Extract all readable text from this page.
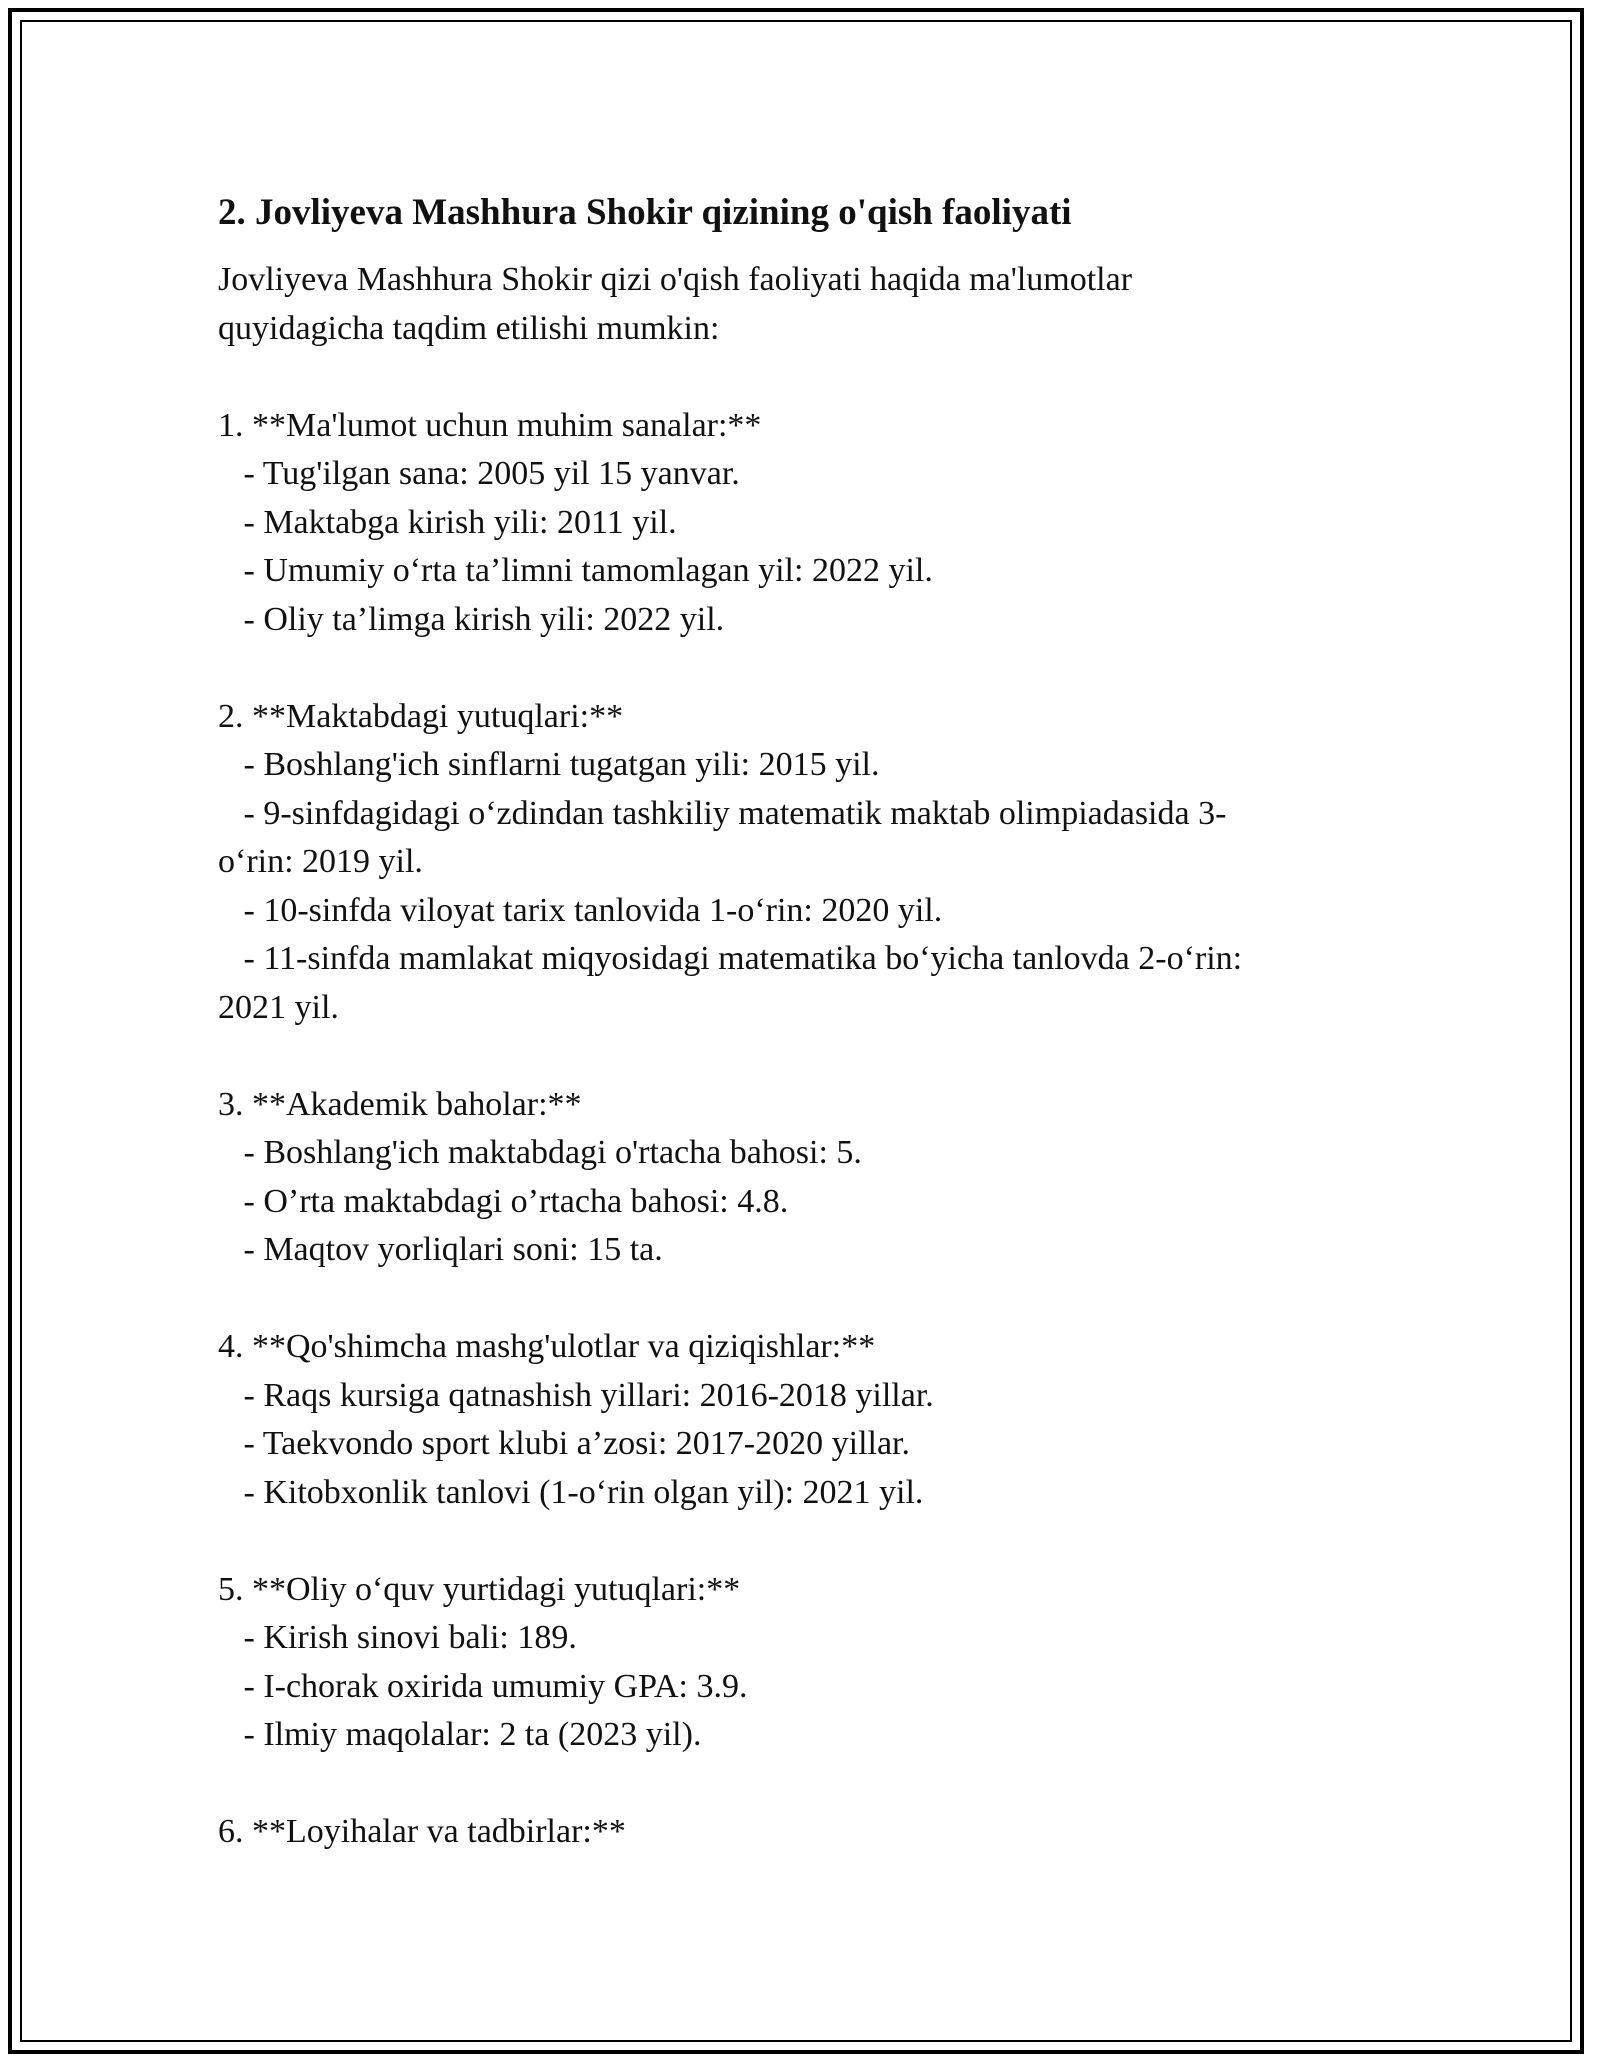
2. Jovliyeva Mashhura Shokir qizining o'qish faoliyati

Jovliyeva Mashhura Shokir qizi o'qish faoliyati haqida ma'lumotlar

quyidagicha taqdim etilishi mumkin:

1. **Ma'lumot uchun muhim sanalar:**

- Tug'ilgan sana: 2005 yil 15 yanvar.

- Maktabga kirish yili: 2011 yil.

- Umumiy o‘rta ta’limni tamomlagan yil: 2022 yil.

- Oliy ta’limga kirish yili: 2022 yil.

2. **Maktabdagi yutuqlari:**

- Boshlang'ich sinflarni tugatgan yili: 2015 yil.

- 9-sinfdagidagi o‘zdindan tashkiliy matematik maktab olimpiadasida 3-

o‘rin: 2019 yil.

- 10-sinfda viloyat tarix tanlovida 1-o‘rin: 2020 yil.

- 11-sinfda mamlakat miqyosidagi matematika bo‘yicha tanlovda 2-o‘rin:

2021 yil.

3. **Akademik baholar:**

- Boshlang'ich maktabdagi o'rtacha bahosi: 5.

- O’rta maktabdagi o’rtacha bahosi: 4.8.

- Maqtov yorliqlari soni: 15 ta.

4. **Qo'shimcha mashg'ulotlar va qiziqishlar:**

- Raqs kursiga qatnashish yillari: 2016-2018 yillar.

- Taekvondo sport klubi a’zosi: 2017-2020 yillar.

- Kitobxonlik tanlovi (1-o‘rin olgan yil): 2021 yil.

5. **Oliy o‘quv yurtidagi yutuqlari:**

- Kirish sinovi bali: 189.

- I-chorak oxirida umumiy GPA: 3.9.

- Ilmiy maqolalar: 2 ta (2023 yil).

6. **Loyihalar va tadbirlar:**
